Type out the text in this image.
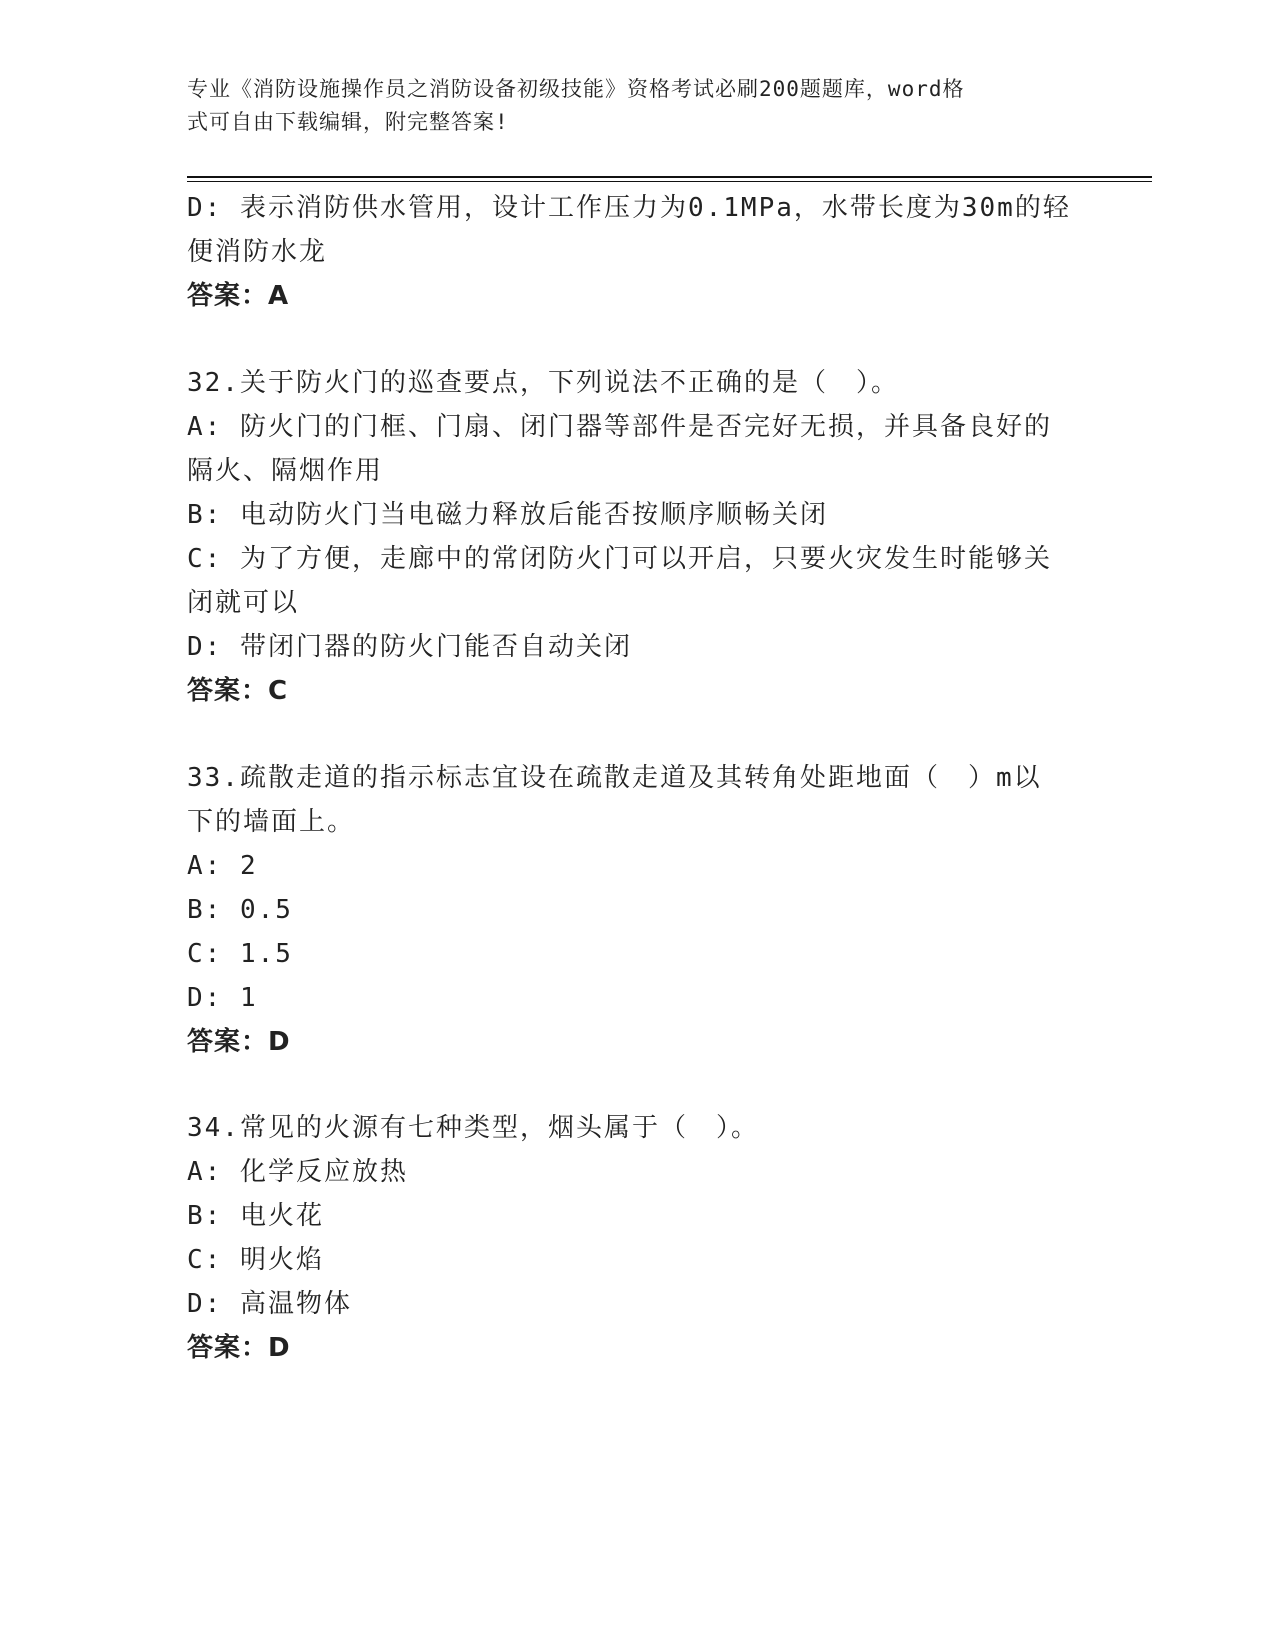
专业《消防设施操作员之消防设备初级技能》资格考试必刷200题题库，word格
式可自由下载编辑，附完整答案!
D: 表示消防供水管用，设计工作压力为0.1MPa，水带长度为30m的轻
便消防水龙
答案：A
32.关于防火门的巡查要点，下列说法不正确的是（　）。
A: 防火门的门框、门扇、闭门器等部件是否完好无损，并具备良好的
隔火、隔烟作用
B: 电动防火门当电磁力释放后能否按顺序顺畅关闭
C: 为了方便，走廊中的常闭防火门可以开启，只要火灾发生时能够关
闭就可以
D: 带闭门器的防火门能否自动关闭
答案：C
33.疏散走道的指示标志宜设在疏散走道及其转角处距地面（　）m以
下的墙面上。
A: 2
B: 0.5
C: 1.5
D: 1
答案：D
34.常见的火源有七种类型，烟头属于（　）。
A: 化学反应放热
B: 电火花
C: 明火焰
D: 高温物体
答案：D
